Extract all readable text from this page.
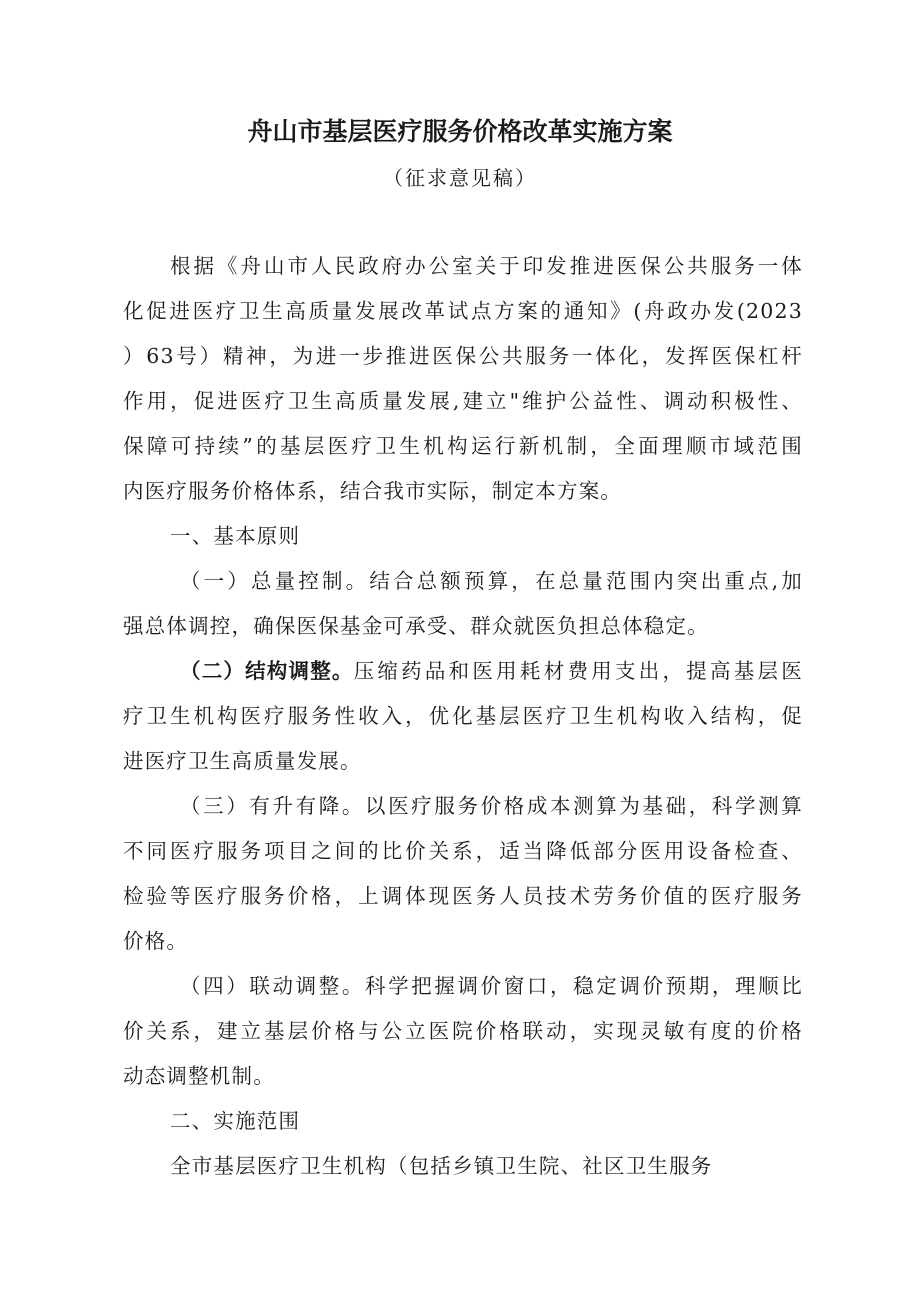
舟山市基层医疗服务价格改革实施方案
（征求意见稿）
根据《舟山市人民政府办公室关于印发推进医保公共服务一体
化促进医疗卫生高质量发展改革试点方案的通知》(舟政办发(2023
）63号）精神，为进一步推进医保公共服务一体化，发挥医保杠杆
作用，促进医疗卫生高质量发展,建立"维护公益性、调动积极性、
保障可持续”的基层医疗卫生机构运行新机制，全面理顺市域范围
内医疗服务价格体系，结合我市实际，制定本方案。
一、基本原则
（一）总量控制。结合总额预算，在总量范围内突出重点,加
强总体调控，确保医保基金可承受、群众就医负担总体稳定。
（二）结构调整。 压缩药品和医用耗材费用支出，提高基层医
疗卫生机构医疗服务性收入，优化基层医疗卫生机构收入结构，促
进医疗卫生高质量发展。
（三）有升有降。以医疗服务价格成本测算为基础，科学测算
不同医疗服务项目之间的比价关系，适当降低部分医用设备检查、
检验等医疗服务价格，上调体现医务人员技术劳务价值的医疗服务
价格。
（四）联动调整。科学把握调价窗口，稳定调价预期，理顺比
价关系，建立基层价格与公立医院价格联动，实现灵敏有度的价格
动态调整机制。
二、实施范围
全市基层医疗卫生机构（包括乡镇卫生院、社区卫生服务
